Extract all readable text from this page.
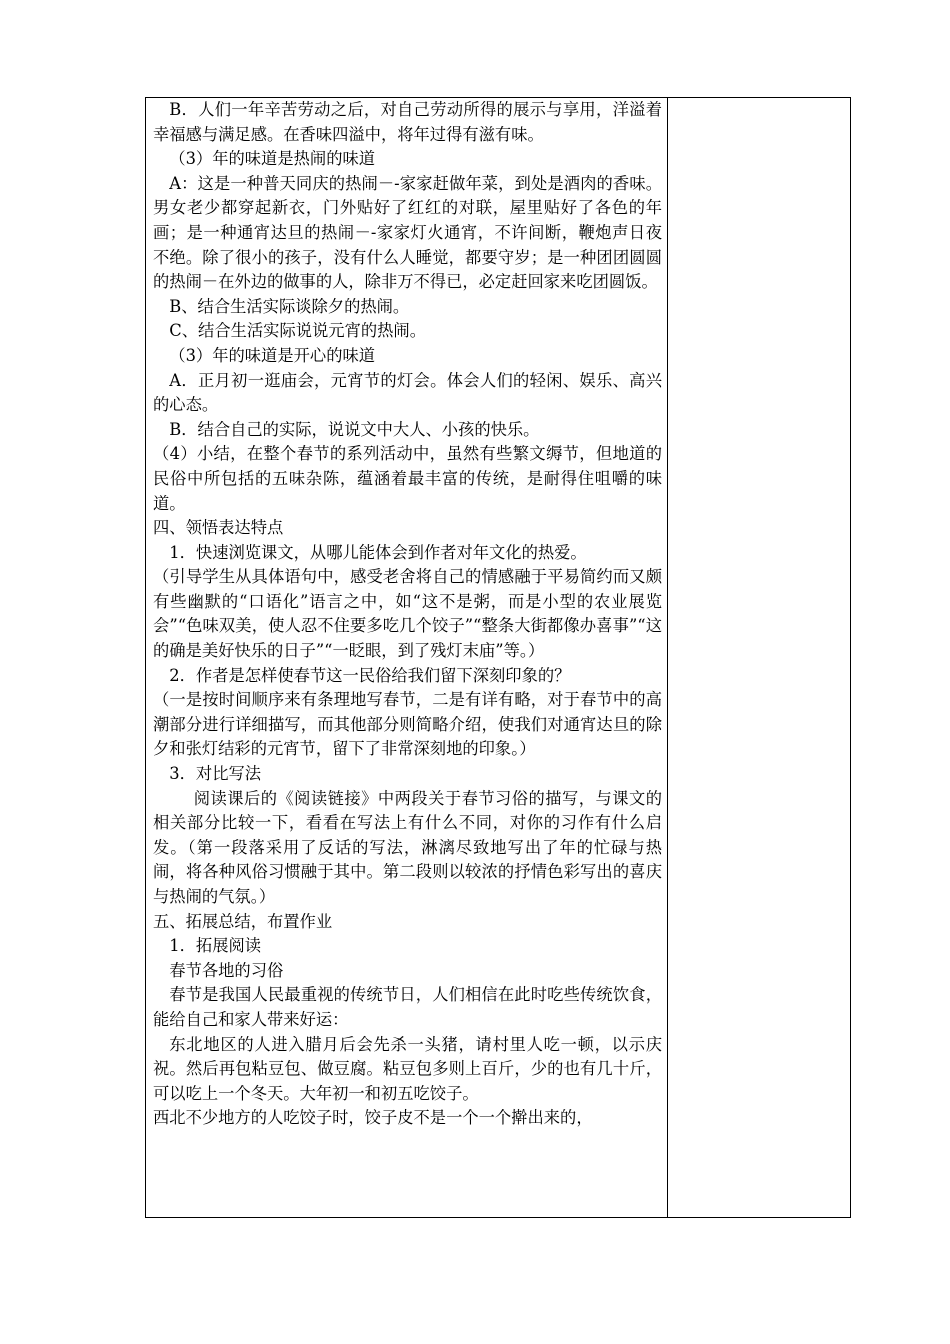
B．人们一年辛苦劳动之后，对自己劳动所得的展示与享用，洋溢着幸福感与满足感。在香味四溢中，将年过得有滋有味。

（3）年的味道是热闹的味道

A：这是一种普天同庆的热闹－-家家赶做年菜，到处是酒肉的香味。男女老少都穿起新衣，门外贴好了红红的对联，屋里贴好了各色的年画；是一种通宵达旦的热闹－-家家灯火通宵，不许间断，鞭炮声日夜不绝。除了很小的孩子，没有什么人睡觉，都要守岁；是一种团团圆圆的热闹－在外边的做事的人，除非万不得已，必定赶回家来吃团圆饭。

B、结合生活实际谈除夕的热闹。

C、结合生活实际说说元宵的热闹。

（3）年的味道是开心的味道

A．正月初一逛庙会，元宵节的灯会。体会人们的轻闲、娱乐、高兴的心态。

B．结合自己的实际，说说文中大人、小孩的快乐。

（4）小结，在整个春节的系列活动中，虽然有些繁文缛节，但地道的民俗中所包括的五味杂陈，蕴涵着最丰富的传统，是耐得住咀嚼的味道。

四、领悟表达特点

1．快速浏览课文，从哪儿能体会到作者对年文化的热爱。

（引导学生从具体语句中，感受老舍将自己的情感融于平易简约而又颇有些幽默的“口语化”语言之中，如“这不是粥，而是小型的农业展览会”“色味双美，使人忍不住要多吃几个饺子”“整条大街都像办喜事”“这的确是美好快乐的日子”“一眨眼，到了残灯末庙”等。）

2．作者是怎样使春节这一民俗给我们留下深刻印象的？

（一是按时间顺序来有条理地写春节，二是有详有略，对于春节中的高潮部分进行详细描写，而其他部分则简略介绍，使我们对通宵达旦的除夕和张灯结彩的元宵节，留下了非常深刻地的印象。）

3．对比写法

阅读课后的《阅读链接》中两段关于春节习俗的描写，与课文的相关部分比较一下，看看在写法上有什么不同，对你的习作有什么启发。（第一段落采用了反话的写法，淋漓尽致地写出了年的忙碌与热闹，将各种风俗习惯融于其中。第二段则以较浓的抒情色彩写出的喜庆与热闹的气氛。）

五、拓展总结，布置作业

1．拓展阅读

春节各地的习俗

春节是我国人民最重视的传统节日，人们相信在此时吃些传统饮食，能给自己和家人带来好运：

东北地区的人进入腊月后会先杀一头猪，请村里人吃一顿，以示庆祝。然后再包粘豆包、做豆腐。粘豆包多则上百斤，少的也有几十斤，可以吃上一个冬天。大年初一和初五吃饺子。

西北不少地方的人吃饺子时，饺子皮不是一个一个擀出来的，
